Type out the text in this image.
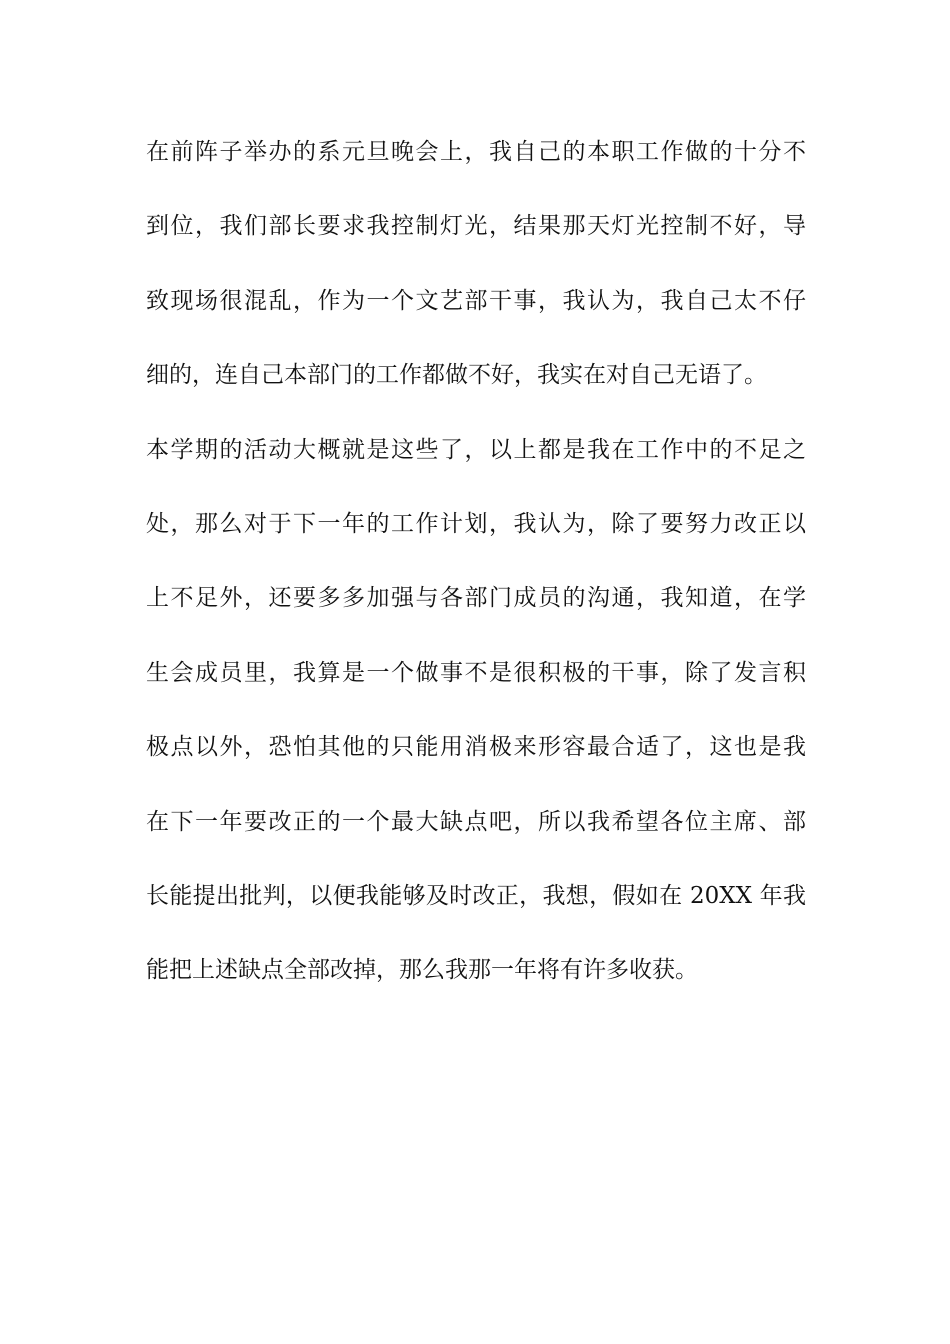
在前阵子举办的系元旦晚会上，我自己的本职工作做的十分不
到位，我们部长要求我控制灯光，结果那天灯光控制不好，导
致现场很混乱，作为一个文艺部干事，我认为，我自己太不仔
细的，连自己本部门的工作都做不好，我实在对自己无语了。
本学期的活动大概就是这些了，以上都是我在工作中的不足之
处，那么对于下一年的工作计划，我认为，除了要努力改正以
上不足外，还要多多加强与各部门成员的沟通，我知道，在学
生会成员里，我算是一个做事不是很积极的干事，除了发言积
极点以外，恐怕其他的只能用消极来形容最合适了，这也是我
在下一年要改正的一个最大缺点吧，所以我希望各位主席、部
长能提出批判，以便我能够及时改正，我想，假如在 20XX 年我
能把上述缺点全部改掉，那么我那一年将有许多收获。
